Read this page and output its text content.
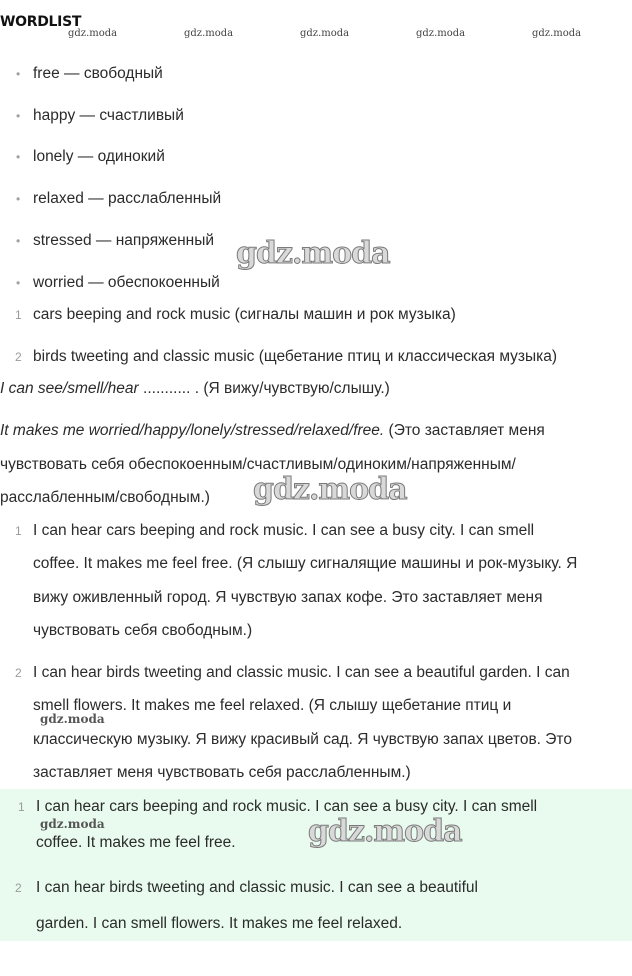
WORDLIST
gdz.moda	gdz.moda	gdz.moda	gdz.moda	gdz.moda
• free — свободный
• happy — счастливый
• lonely — одинокий
• relaxed — расслабленный
• stressed — напряженный
• worried — обеспокоенный
gdz.moda
1 cars beeping and rock music (сигналы машин и рок музыка)
2 birds tweeting and classic music (щебетание птиц и классическая музыка)
I can see/smell/hear ........... . (Я вижу/чувствую/слышу.)
It makes me worried/happy/lonely/stressed/relaxed/free. (Это заставляет меня
чувствовать себя обеспокоенным/счастливым/одиноким/напряженным/
расслабленным/свободным.) gdz.moda
1 I can hear cars beeping and rock music. I can see a busy city. I can smell
coffee. It makes me feel free. (Я слышу сигналящие машины и рок-музыку. Я
вижу оживленный город. Я чувствую запах кофе. Это заставляет меня
чувствовать себя свободным.)
2 I can hear birds tweeting and classic music. I can see a beautiful garden. I can
smell flowers. It makes me feel relaxed. (Я слышу щебетание птиц и
классическую музыку. Я вижу красивый сад. Я чувствую запах цветов. Это
заставляет меня чувствовать себя расслабленным.)
gdz.moda
1 I can hear cars beeping and rock music. I can see a busy city. I can smell
coffee. It makes me feel free.
2 I can hear birds tweeting and classic music. I can see a beautiful
garden. I can smell flowers. It makes me feel relaxed.
gdz.moda	gdz.moda
